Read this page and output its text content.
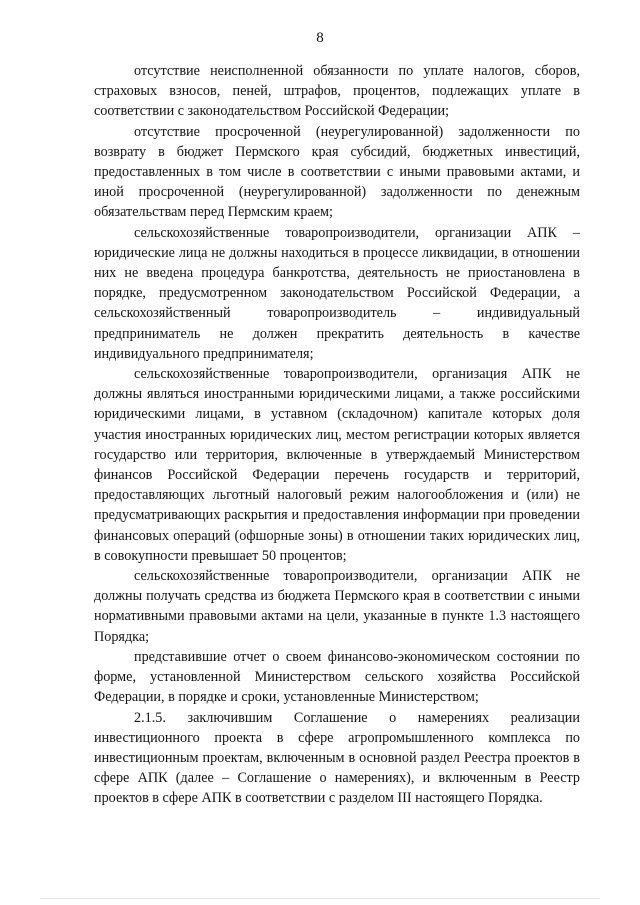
8

отсутствие неисполненной обязанности по уплате налогов, сборов, страховых взносов, пеней, штрафов, процентов, подлежащих уплате в соответствии с законодательством Российской Федерации;

отсутствие просроченной (неурегулированной) задолженности по возврату в бюджет Пермского края субсидий, бюджетных инвестиций, предоставленных в том числе в соответствии с иными правовыми актами, и иной просроченной (неурегулированной) задолженности по денежным обязательствам перед Пермским краем;

сельскохозяйственные товаропроизводители, организации АПК – юридические лица не должны находиться в процессе ликвидации, в отношении них не введена процедура банкротства, деятельность не приостановлена в порядке, предусмотренном законодательством Российской Федерации, а сельскохозяйственный товаропроизводитель – индивидуальный предприниматель не должен прекратить деятельность в качестве индивидуального предпринимателя;

сельскохозяйственные товаропроизводители, организация АПК не должны являться иностранными юридическими лицами, а также российскими юридическими лицами, в уставном (складочном) капитале которых доля участия иностранных юридических лиц, местом регистрации которых является государство или территория, включенные в утверждаемый Министерством финансов Российской Федерации перечень государств и территорий, предоставляющих льготный налоговый режим налогообложения и (или) не предусматривающих раскрытия и предоставления информации при проведении финансовых операций (офшорные зоны) в отношении таких юридических лиц, в совокупности превышает 50 процентов;

сельскохозяйственные товаропроизводители, организации АПК не должны получать средства из бюджета Пермского края в соответствии с иными нормативными правовыми актами на цели, указанные в пункте 1.3 настоящего Порядка;

представившие отчет о своем финансово-экономическом состоянии по форме, установленной Министерством сельского хозяйства Российской Федерации, в порядке и сроки, установленные Министерством;

2.1.5. заключившим Соглашение о намерениях реализации инвестиционного проекта в сфере агропромышленного комплекса по инвестиционным проектам, включенным в основной раздел Реестра проектов в сфере АПК (далее – Соглашение о намерениях), и включенным в Реестр проектов в сфере АПК в соответствии с разделом III настоящего Порядка.
